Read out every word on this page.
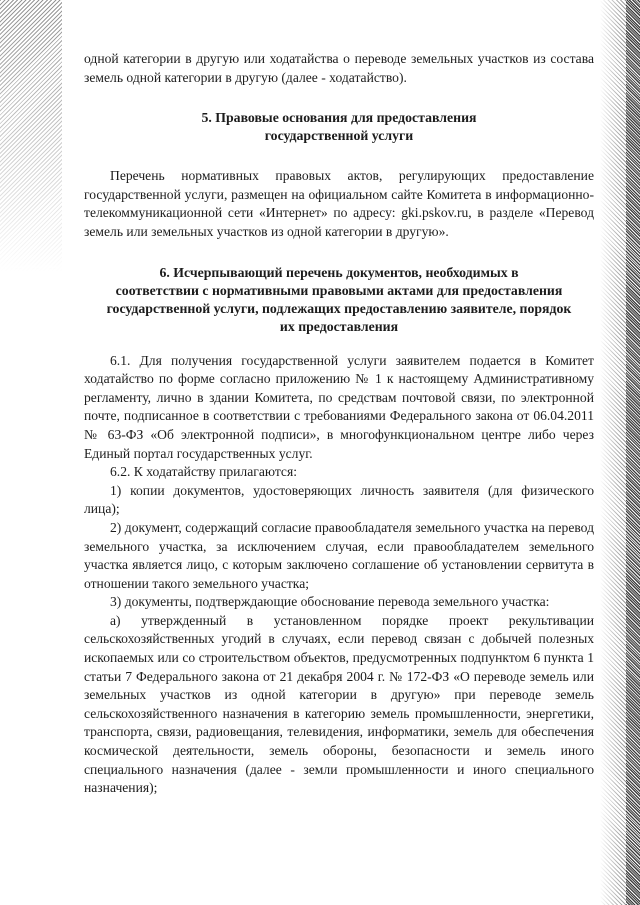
одной категории в другую или ходатайства о переводе земельных участков из состава земель одной категории в другую (далее - ходатайство).

5. Правовые основания для предоставления

государственной услуги

Перечень нормативных правовых актов, регулирующих предоставление государственной услуги, размещен на официальном сайте Комитета в информационно-телекоммуникационной сети «Интернет» по адресу: gki.pskov.ru, в разделе «Перевод земель или земельных участков из одной категории в другую».

6. Исчерпывающий перечень документов, необходимых в

соответствии с нормативными правовыми актами для предоставления

государственной услуги, подлежащих предоставлению заявителе, порядок

их предоставления

6.1. Для получения государственной услуги заявителем подается в Комитет ходатайство по форме согласно приложению № 1 к настоящему Административному регламенту, лично в здании Комитета, по средствам почтовой связи, по электронной почте, подписанное в соответствии с требованиями Федерального закона от 06.04.2011 № 63-ФЗ «Об электронной подписи», в многофункциональном центре либо через Единый портал государственных услуг.

6.2. К ходатайству прилагаются:

1) копии документов, удостоверяющих личность заявителя (для физического лица);

2) документ, содержащий согласие правообладателя земельного участка на перевод земельного участка, за исключением случая, если правообладателем земельного участка является лицо, с которым заключено соглашение об установлении сервитута в отношении такого земельного участка;

3) документы, подтверждающие обоснование перевода земельного участка:

а) утвержденный в установленном порядке проект рекультивации сельскохозяйственных угодий в случаях, если перевод связан с добычей полезных ископаемых или со строительством объектов, предусмотренных подпунктом 6 пункта 1 статьи 7 Федерального закона от 21 декабря 2004 г. № 172-ФЗ «О переводе земель или земельных участков из одной категории в другую» при переводе земель сельскохозяйственного назначения в категорию земель промышленности, энергетики, транспорта, связи, радиовещания, телевидения, информатики, земель для обеспечения космической деятельности, земель обороны, безопасности и земель иного специального назначения (далее - земли промышленности и иного специального назначения);
